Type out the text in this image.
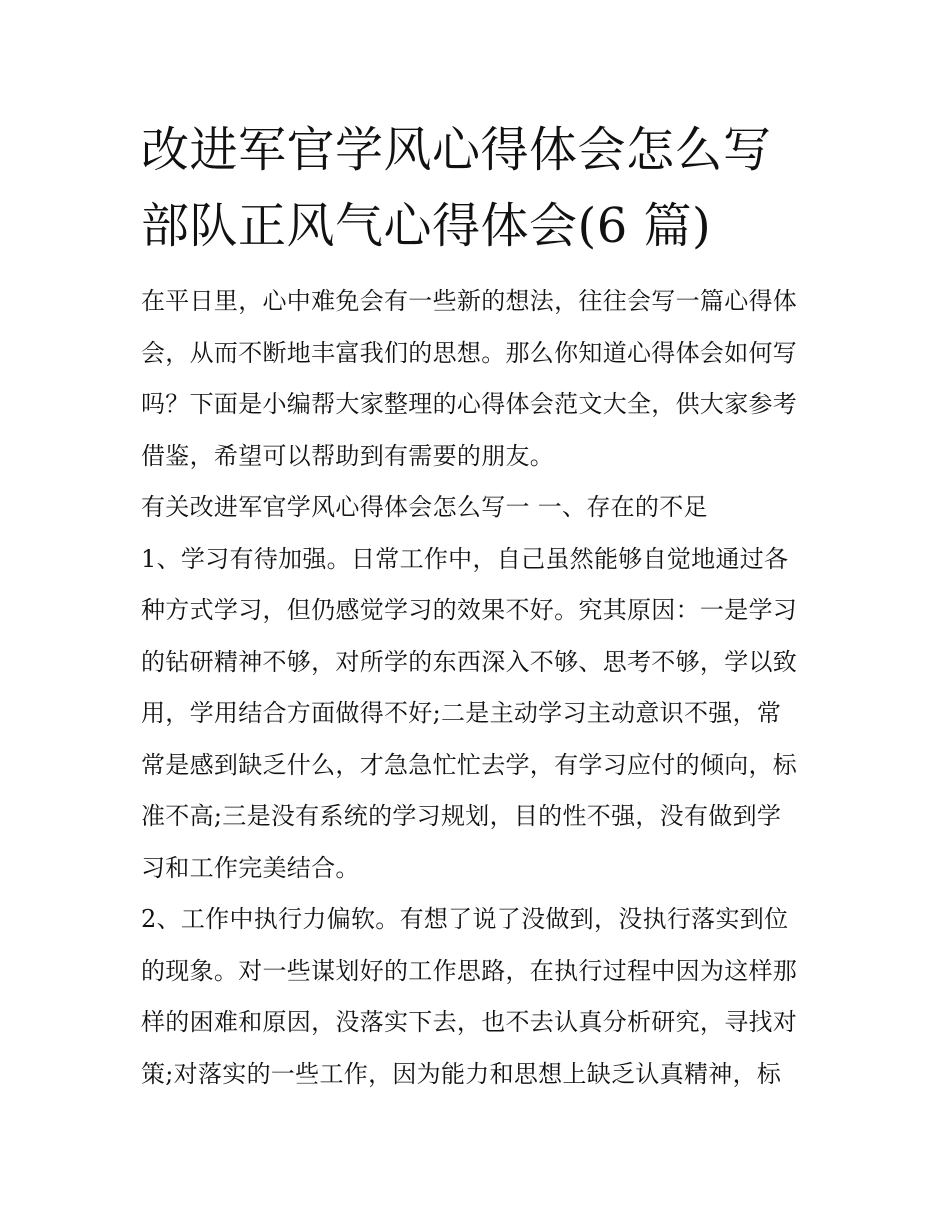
改进军官学风心得体会怎么写
部队正风气心得体会(6 篇)

在平日里，心中难免会有一些新的想法，往往会写一篇心得体
会，从而不断地丰富我们的思想。那么你知道心得体会如何写
吗？下面是小编帮大家整理的心得体会范文大全，供大家参考
借鉴，希望可以帮助到有需要的朋友。

有关改进军官学风心得体会怎么写一 一、存在的不足

1、学习有待加强。日常工作中，自己虽然能够自觉地通过各
种方式学习，但仍感觉学习的效果不好。究其原因：一是学习
的钻研精神不够，对所学的东西深入不够、思考不够，学以致
用，学用结合方面做得不好;二是主动学习主动意识不强，常
常是感到缺乏什么，才急急忙忙去学，有学习应付的倾向，标
准不高;三是没有系统的学习规划，目的性不强，没有做到学
习和工作完美结合。

2、工作中执行力偏软。有想了说了没做到，没执行落实到位
的现象。对一些谋划好的工作思路，在执行过程中因为这样那
样的困难和原因，没落实下去，也不去认真分析研究，寻找对
策;对落实的一些工作，因为能力和思想上缺乏认真精神，标
